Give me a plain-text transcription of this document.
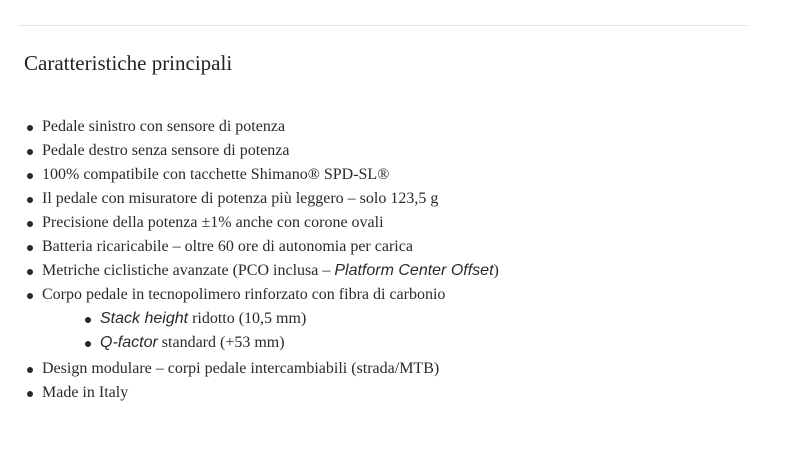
Caratteristiche principali
Pedale sinistro con sensore di potenza
Pedale destro senza sensore di potenza
100% compatibile con tacchette Shimano® SPD-SL®
Il pedale con misuratore di potenza più leggero – solo 123,5 g
Precisione della potenza ±1% anche con corone ovali
Batteria ricaricabile – oltre 60 ore di autonomia per carica
Metriche ciclistiche avanzate (PCO inclusa – Platform Center Offset)
Corpo pedale in tecnopolimero rinforzato con fibra di carbonio
Stack height ridotto (10,5 mm)
Q-factor standard (+53 mm)
Design modulare – corpi pedale intercambiabili (strada/MTB)
Made in Italy
